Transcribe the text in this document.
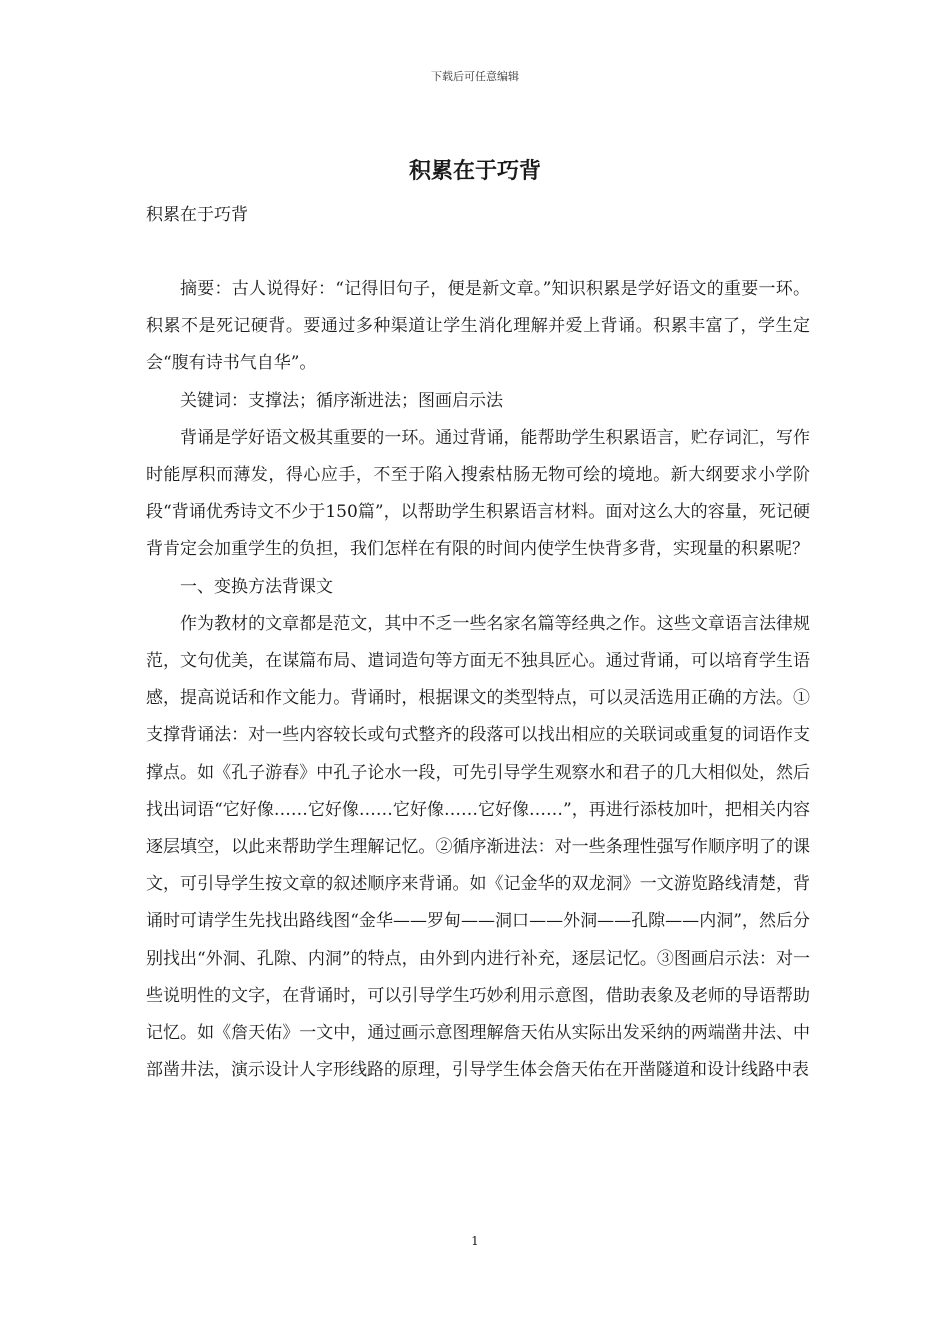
下载后可任意编辑
积累在于巧背

积累在于巧背

摘要：古人说得好：“记得旧句子，便是新文章。”知识积累是学好语文的重要一环。积累不是死记硬背。要通过多种渠道让学生消化理解并爱上背诵。积累丰富了，学生定会“腹有诗书气自华”。

关键词：支撑法；循序渐进法；图画启示法

背诵是学好语文极其重要的一环。通过背诵，能帮助学生积累语言，贮存词汇，写作时能厚积而薄发，得心应手，不至于陷入搜索枯肠无物可绘的境地。新大纲要求小学阶段“背诵优秀诗文不少于150篇”，以帮助学生积累语言材料。面对这么大的容量，死记硬背肯定会加重学生的负担，我们怎样在有限的时间内使学生快背多背，实现量的积累呢？

一、变换方法背课文

作为教材的文章都是范文，其中不乏一些名家名篇等经典之作。这些文章语言法律规范，文句优美，在谋篇布局、遣词造句等方面无不独具匠心。通过背诵，可以培育学生语感，提高说话和作文能力。背诵时，根据课文的类型特点，可以灵活选用正确的方法。①支撑背诵法：对一些内容较长或句式整齐的段落可以找出相应的关联词或重复的词语作支撑点。如《孔子游春》中孔子论水一段，可先引导学生观察水和君子的几大相似处，然后找出词语“它好像……它好像……它好像……它好像……”，再进行添枝加叶，把相关内容逐层填空，以此来帮助学生理解记忆。②循序渐进法：对一些条理性强写作顺序明了的课文，可引导学生按文章的叙述顺序来背诵。如《记金华的双龙洞》一文游览路线清楚，背诵时可请学生先找出路线图“金华——罗甸——洞口——外洞——孔隙——内洞”，然后分别找出“外洞、孔隙、内洞”的特点，由外到内进行补充，逐层记忆。③图画启示法：对一些说明性的文字，在背诵时，可以引导学生巧妙利用示意图，借助表象及老师的导语帮助记忆。如《詹天佑》一文中，通过画示意图理解詹天佑从实际出发采纳的两端凿井法、中部凿井法，演示设计人字形线路的原理，引导学生体会詹天佑在开凿隧道和设计线路中表

1
